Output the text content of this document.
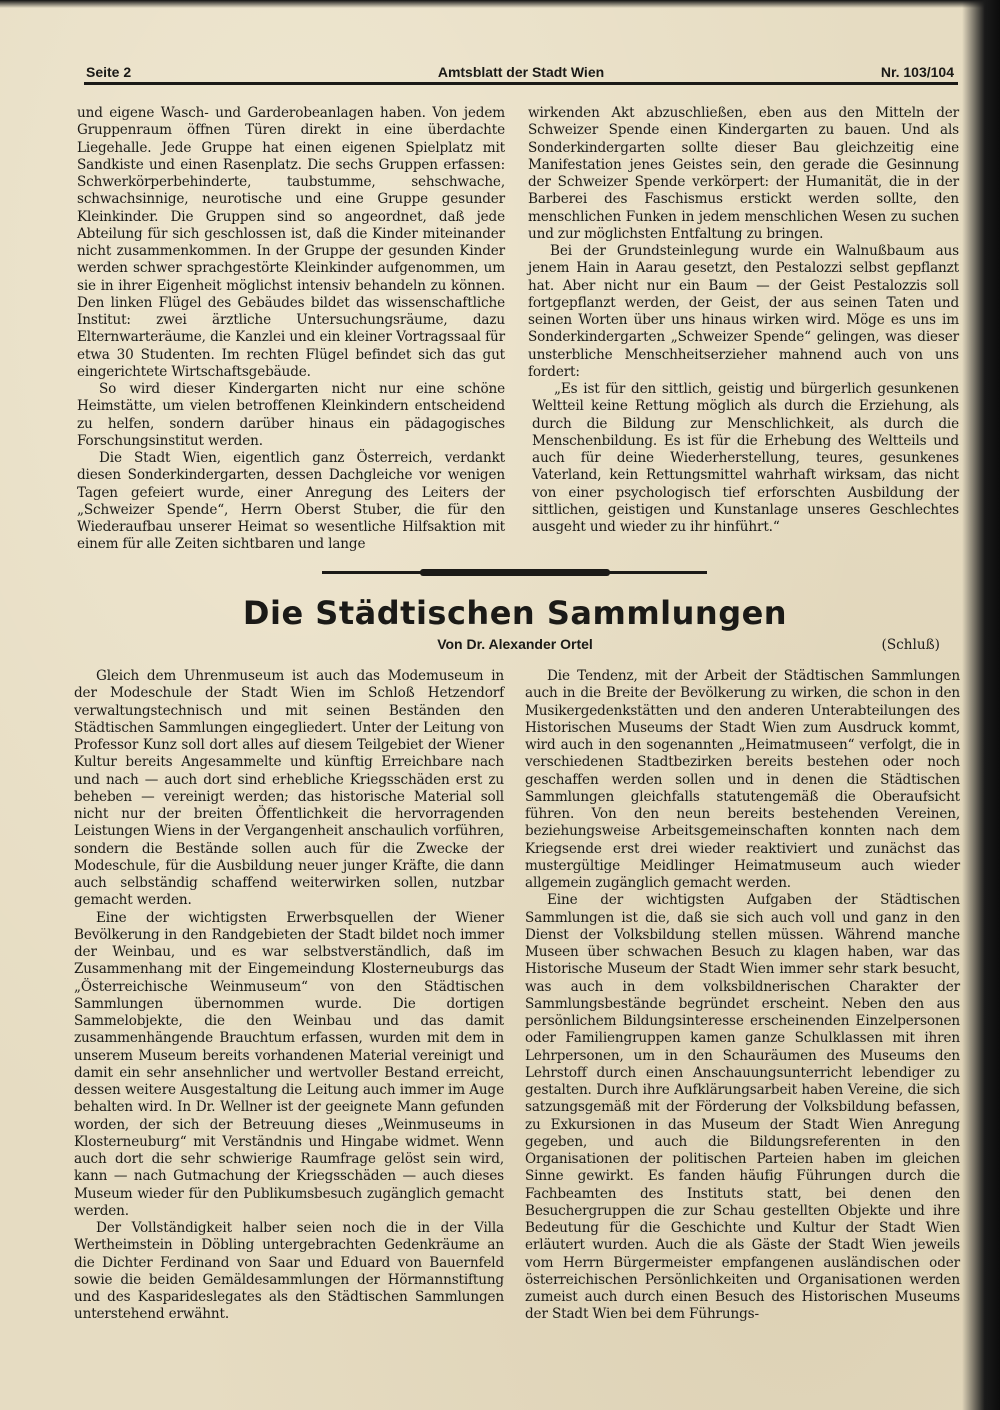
Seite 2	Amtsblatt der Stadt Wien	Nr. 103/104

und eigene Wasch- und Garderobeanlagen haben. Von jedem Gruppenraum öffnen Türen direkt in eine überdachte Liegehalle. Jede Gruppe hat einen eigenen Spielplatz mit Sandkiste und einen Rasenplatz. Die sechs Gruppen erfassen: Schwerkörperbehinderte, taubstumme, sehschwache, schwachsinnige, neurotische und eine Gruppe gesunder Kleinkinder. Die Gruppen sind so angeordnet, daß jede Abteilung für sich geschlossen ist, daß die Kinder miteinander nicht zusammenkommen. In der Gruppe der gesunden Kinder werden schwer sprachgestörte Kleinkinder aufgenommen, um sie in ihrer Eigenheit möglichst intensiv behandeln zu können. Den linken Flügel des Gebäudes bildet das wissenschaftliche Institut: zwei ärztliche Untersuchungsräume, dazu Elternwarteräume, die Kanzlei und ein kleiner Vortragssaal für etwa 30 Studenten. Im rechten Flügel befindet sich das gut eingerichtete Wirtschaftsgebäude.

So wird dieser Kindergarten nicht nur eine schöne Heimstätte, um vielen betroffenen Kleinkindern entscheidend zu helfen, sondern darüber hinaus ein pädagogisches Forschungsinstitut werden.

Die Stadt Wien, eigentlich ganz Österreich, verdankt diesen Sonderkindergarten, dessen Dachgleiche vor wenigen Tagen gefeiert wurde, einer Anregung des Leiters der „Schweizer Spende“, Herrn Oberst Stuber, die für den Wiederaufbau unserer Heimat so wesentliche Hilfsaktion mit einem für alle Zeiten sichtbaren und lange

wirkenden Akt abzuschließen, eben aus den Mitteln der Schweizer Spende einen Kindergarten zu bauen. Und als Sonderkindergarten sollte dieser Bau gleichzeitig eine Manifestation jenes Geistes sein, den gerade die Gesinnung der Schweizer Spende verkörpert: der Humanität, die in der Barberei des Faschismus erstickt werden sollte, den menschlichen Funken in jedem menschlichen Wesen zu suchen und zur möglichsten Entfaltung zu bringen.

Bei der Grundsteinlegung wurde ein Walnußbaum aus jenem Hain in Aarau gesetzt, den Pestalozzi selbst gepflanzt hat. Aber nicht nur ein Baum — der Geist Pestalozzis soll fortgepflanzt werden, der Geist, der aus seinen Taten und seinen Worten über uns hinaus wirken wird. Möge es uns im Sonderkindergarten „Schweizer Spende“ gelingen, was dieser unsterbliche Menschheitserzieher mahnend auch von uns fordert:

„Es ist für den sittlich, geistig und bürgerlich gesunkenen Weltteil keine Rettung möglich als durch die Erziehung, als durch die Bildung zur Menschlichkeit, als durch die Menschenbildung. Es ist für die Erhebung des Weltteils und auch für deine Wiederherstellung, teures, gesunkenes Vaterland, kein Rettungsmittel wahrhaft wirksam, das nicht von einer psychologisch tief erforschten Ausbildung der sittlichen, geistigen und Kunstanlage unseres Geschlechtes ausgeht und wieder zu ihr hinführt.“

Die Städtischen Sammlungen
Von Dr. Alexander Ortel	(Schluß)

Gleich dem Uhrenmuseum ist auch das Modemuseum in der Modeschule der Stadt Wien im Schloß Hetzendorf verwaltungstechnisch und mit seinen Beständen den Städtischen Sammlungen eingegliedert. Unter der Leitung von Professor Kunz soll dort alles auf diesem Teilgebiet der Wiener Kultur bereits Angesammelte und künftig Erreichbare nach und nach — auch dort sind erhebliche Kriegsschäden erst zu beheben — vereinigt werden; das historische Material soll nicht nur der breiten Öffentlichkeit die hervorragenden Leistungen Wiens in der Vergangenheit anschaulich vorführen, sondern die Bestände sollen auch für die Zwecke der Modeschule, für die Ausbildung neuer junger Kräfte, die dann auch selbständig schaffend weiterwirken sollen, nutzbar gemacht werden.

Eine der wichtigsten Erwerbsquellen der Wiener Bevölkerung in den Randgebieten der Stadt bildet noch immer der Weinbau, und es war selbstverständlich, daß im Zusammenhang mit der Eingemeindung Klosterneuburgs das „Österreichische Weinmuseum“ von den Städtischen Sammlungen übernommen wurde. Die dortigen Sammelobjekte, die den Weinbau und das damit zusammenhängende Brauchtum erfassen, wurden mit dem in unserem Museum bereits vorhandenen Material vereinigt und damit ein sehr ansehnlicher und wertvoller Bestand erreicht, dessen weitere Ausgestaltung die Leitung auch immer im Auge behalten wird. In Dr. Wellner ist der geeignete Mann gefunden worden, der sich der Betreuung dieses „Weinmuseums in Klosterneuburg“ mit Verständnis und Hingabe widmet. Wenn auch dort die sehr schwierige Raumfrage gelöst sein wird, kann — nach Gutmachung der Kriegsschäden — auch dieses Museum wieder für den Publikumsbesuch zugänglich gemacht werden.

Der Vollständigkeit halber seien noch die in der Villa Wertheimstein in Döbling untergebrachten Gedenkräume an die Dichter Ferdinand von Saar und Eduard von Bauernfeld sowie die beiden Gemäldesammlungen der Hörmannstiftung und des Kasparideslegates als den Städtischen Sammlungen unterstehend erwähnt.

Die Tendenz, mit der Arbeit der Städtischen Sammlungen auch in die Breite der Bevölkerung zu wirken, die schon in den Musikergedenkstätten und den anderen Unterabteilungen des Historischen Museums der Stadt Wien zum Ausdruck kommt, wird auch in den sogenannten „Heimatmuseen“ verfolgt, die in verschiedenen Stadtbezirken bereits bestehen oder noch geschaffen werden sollen und in denen die Städtischen Sammlungen gleichfalls statutengemäß die Oberaufsicht führen. Von den neun bereits bestehenden Vereinen, beziehungsweise Arbeitsgemeinschaften konnten nach dem Kriegsende erst drei wieder reaktiviert und zunächst das mustergültige Meidlinger Heimatmuseum auch wieder allgemein zugänglich gemacht werden.

Eine der wichtigsten Aufgaben der Städtischen Sammlungen ist die, daß sie sich auch voll und ganz in den Dienst der Volksbildung stellen müssen. Während manche Museen über schwachen Besuch zu klagen haben, war das Historische Museum der Stadt Wien immer sehr stark besucht, was auch in dem volksbildnerischen Charakter der Sammlungsbestände begründet erscheint. Neben den aus persönlichem Bildungsinteresse erscheinenden Einzelpersonen oder Familiengruppen kamen ganze Schulklassen mit ihren Lehrpersonen, um in den Schauräumen des Museums den Lehrstoff durch einen Anschauungsunterricht lebendiger zu gestalten. Durch ihre Aufklärungsarbeit haben Vereine, die sich satzungsgemäß mit der Förderung der Volksbildung befassen, zu Exkursionen in das Museum der Stadt Wien Anregung gegeben, und auch die Bildungsreferenten in den Organisationen der politischen Parteien haben im gleichen Sinne gewirkt. Es fanden häufig Führungen durch die Fachbeamten des Instituts statt, bei denen den Besuchergruppen die zur Schau gestellten Objekte und ihre Bedeutung für die Geschichte und Kultur der Stadt Wien erläutert wurden. Auch die als Gäste der Stadt Wien jeweils vom Herrn Bürgermeister empfangenen ausländischen oder österreichischen Persönlichkeiten und Organisationen werden zumeist auch durch einen Besuch des Historischen Museums der Stadt Wien bei dem Führungs-
